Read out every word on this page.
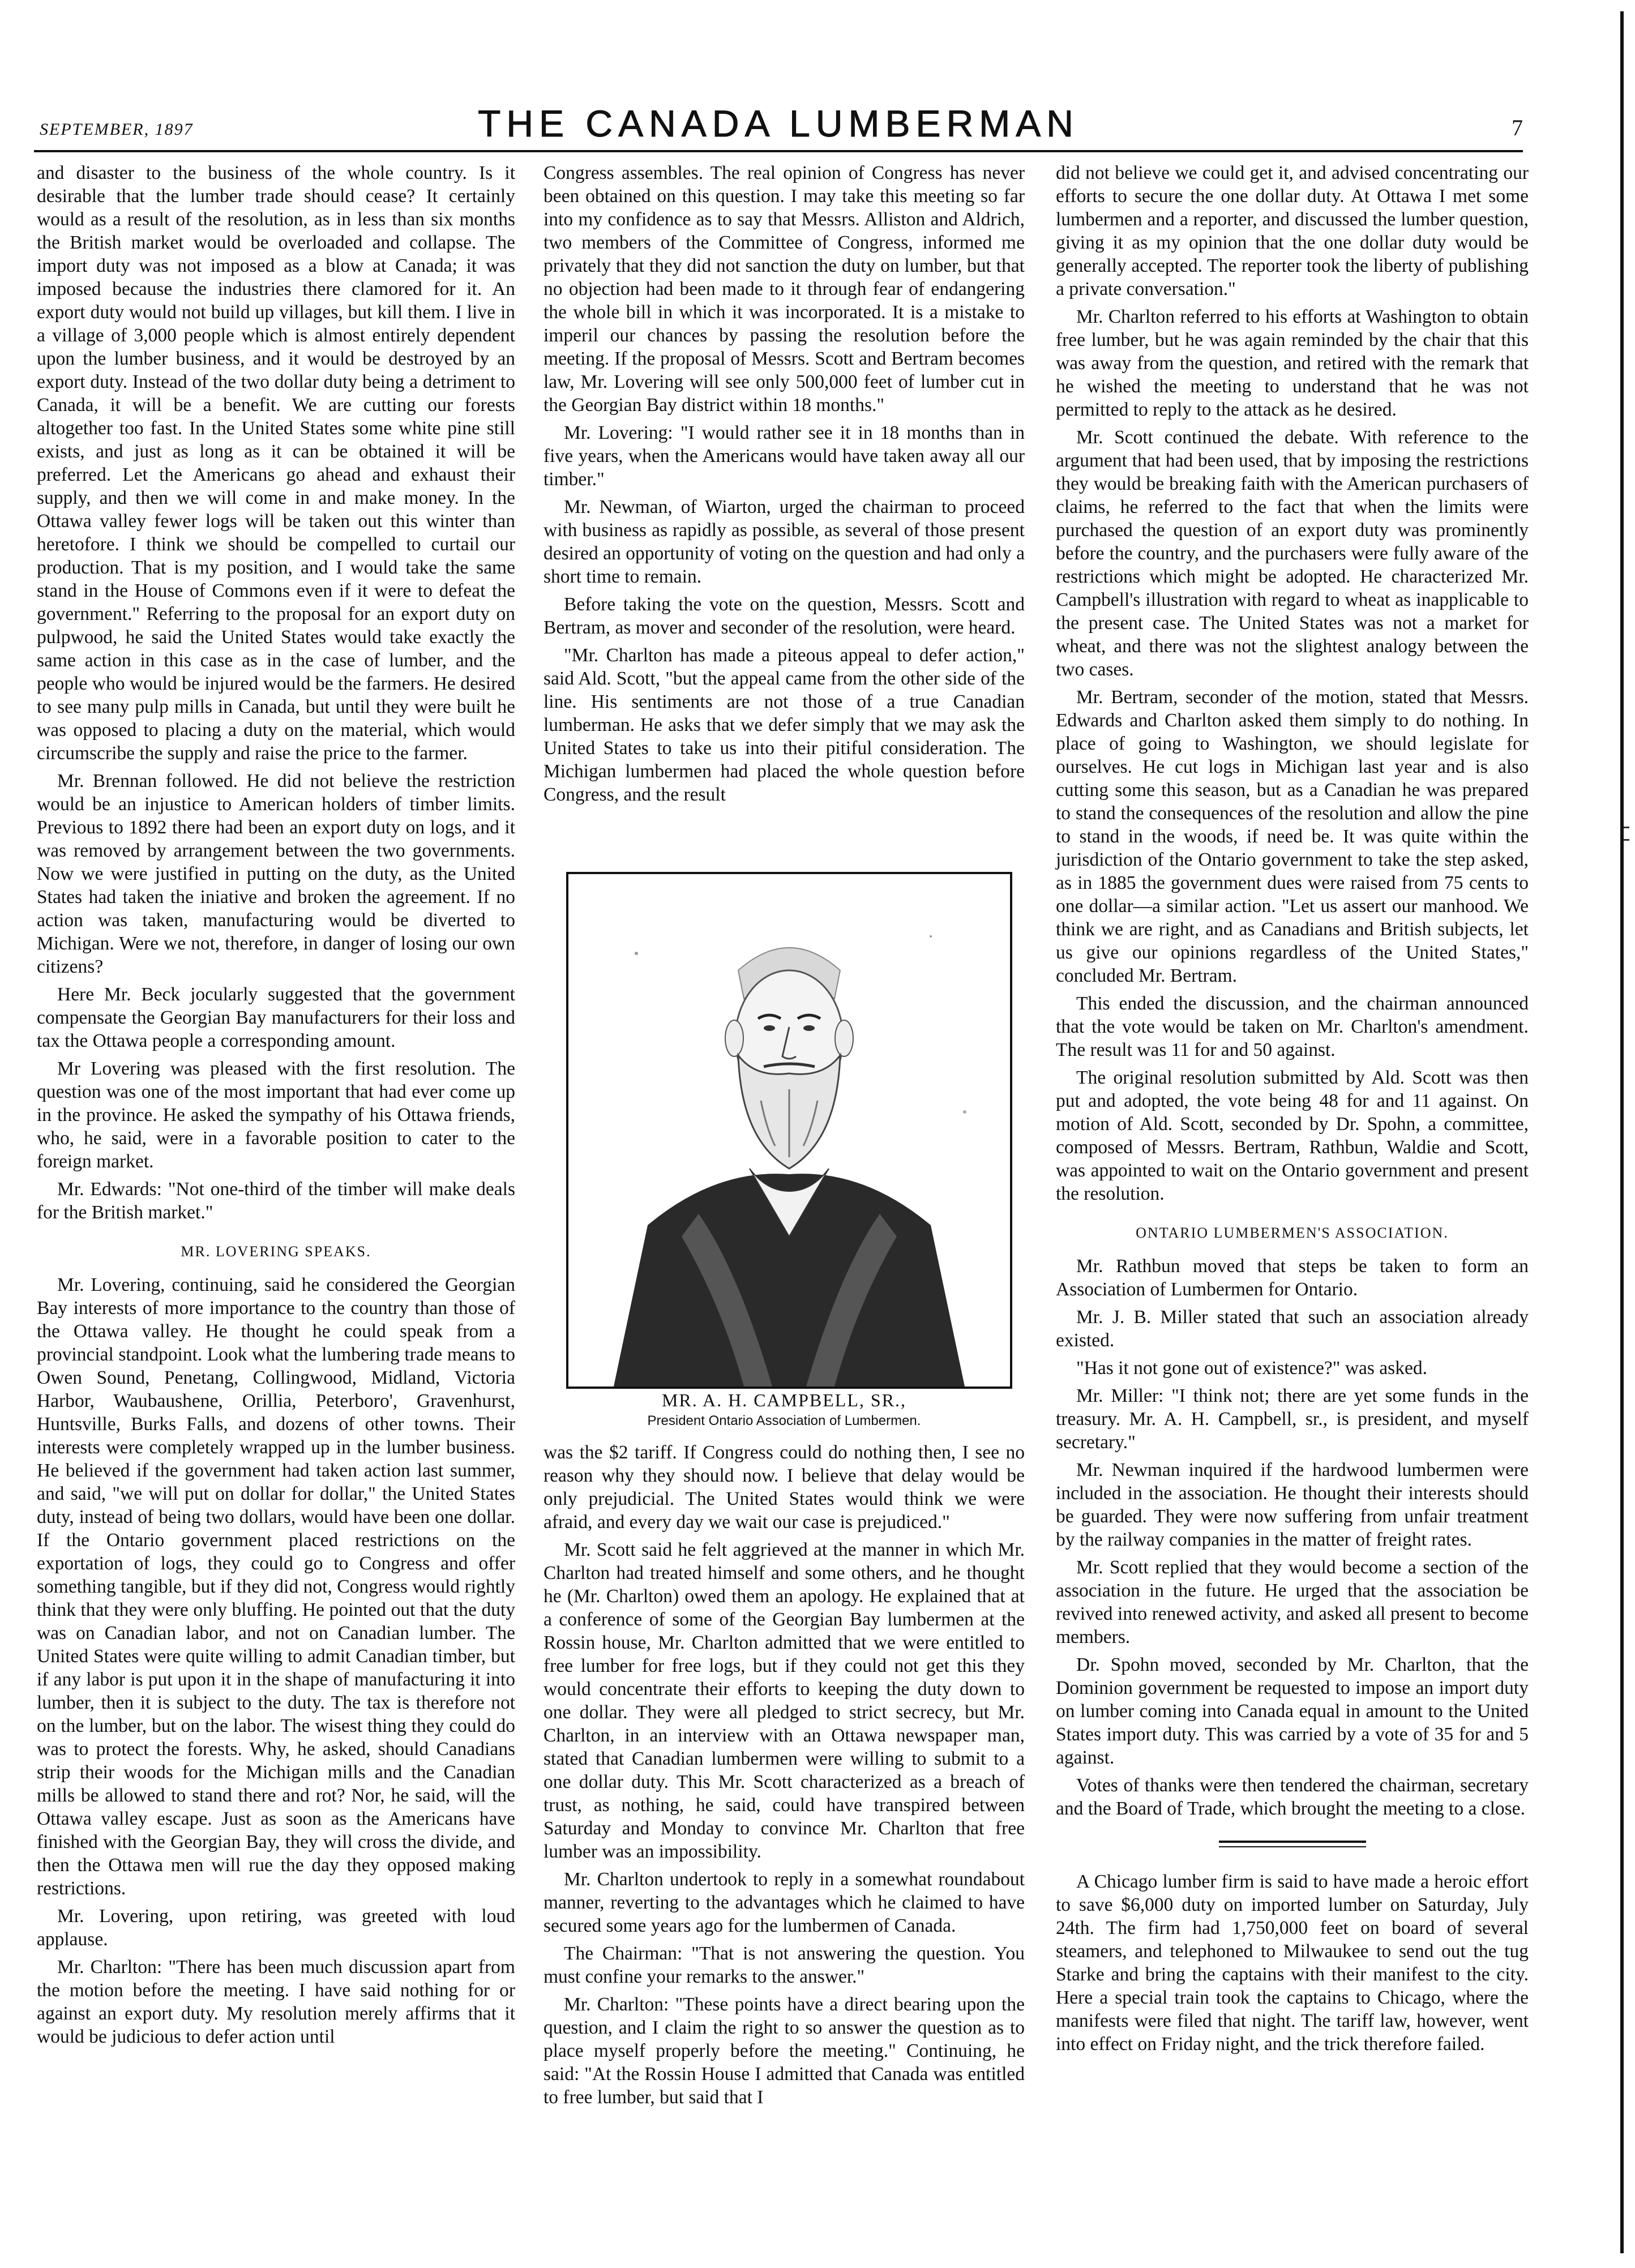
SEPTEMBER, 1897	THE CANADA LUMBERMAN	7

and disaster to the business of the whole country. Is it desirable that the lumber trade should cease? It certainly would as a result of the resolution, as in less than six months the British market would be overloaded and collapse. The import duty was not imposed as a blow at Canada; it was imposed because the industries there clamored for it. An export duty would not build up villages, but kill them. I live in a village of 3,000 people which is almost entirely dependent upon the lumber business, and it would be destroyed by an export duty. Instead of the two dollar duty being a detriment to Canada, it will be a benefit. We are cutting our forests altogether too fast. In the United States some white pine still exists, and just as long as it can be obtained it will be preferred. Let the Americans go ahead and exhaust their supply, and then we will come in and make money. In the Ottawa valley fewer logs will be taken out this winter than heretofore. I think we should be compelled to curtail our production. That is my position, and I would take the same stand in the House of Commons even if it were to defeat the government." Referring to the proposal for an export duty on pulpwood, he said the United States would take exactly the same action in this case as in the case of lumber, and the people who would be injured would be the farmers. He desired to see many pulp mills in Canada, but until they were built he was opposed to placing a duty on the material, which would circumscribe the supply and raise the price to the farmer.

Mr. Brennan followed. He did not believe the restriction would be an injustice to American holders of timber limits. Previous to 1892 there had been an export duty on logs, and it was removed by arrangement between the two governments. Now we were justified in putting on the duty, as the United States had taken the iniative and broken the agreement. If no action was taken, manufacturing would be diverted to Michigan. Were we not, therefore, in danger of losing our own citizens?

Here Mr. Beck jocularly suggested that the government compensate the Georgian Bay manufacturers for their loss and tax the Ottawa people a corresponding amount.

Mr Lovering was pleased with the first resolution. The question was one of the most important that had ever come up in the province. He asked the sympathy of his Ottawa friends, who, he said, were in a favorable position to cater to the foreign market.

Mr. Edwards: "Not one-third of the timber will make deals for the British market."

MR. LOVERING SPEAKS.

Mr. Lovering, continuing, said he considered the Georgian Bay interests of more importance to the country than those of the Ottawa valley. He thought he could speak from a provincial standpoint. Look what the lumbering trade means to Owen Sound, Penetang, Collingwood, Midland, Victoria Harbor, Waubaushene, Orillia, Peterboro', Gravenhurst, Huntsville, Burks Falls, and dozens of other towns. Their interests were completely wrapped up in the lumber business. He believed if the government had taken action last summer, and said, "we will put on dollar for dollar," the United States duty, instead of being two dollars, would have been one dollar. If the Ontario government placed restrictions on the exportation of logs, they could go to Congress and offer something tangible, but if they did not, Congress would rightly think that they were only bluffing. He pointed out that the duty was on Canadian labor, and not on Canadian lumber. The United States were quite willing to admit Canadian timber, but if any labor is put upon it in the shape of manufacturing it into lumber, then it is subject to the duty. The tax is therefore not on the lumber, but on the labor. The wisest thing they could do was to protect the forests. Why, he asked, should Canadians strip their woods for the Michigan mills and the Canadian mills be allowed to stand there and rot? Nor, he said, will the Ottawa valley escape. Just as soon as the Americans have finished with the Georgian Bay, they will cross the divide, and then the Ottawa men will rue the day they opposed making restrictions.

Mr. Lovering, upon retiring, was greeted with loud applause.

Mr. Charlton: "There has been much discussion apart from the motion before the meeting. I have said nothing for or against an export duty. My resolution merely affirms that it would be judicious to defer action until

Congress assembles. The real opinion of Congress has never been obtained on this question. I may take this meeting so far into my confidence as to say that Messrs. Alliston and Aldrich, two members of the Committee of Congress, informed me privately that they did not sanction the duty on lumber, but that no objection had been made to it through fear of endangering the whole bill in which it was incorporated. It is a mistake to imperil our chances by passing the resolution before the meeting. If the proposal of Messrs. Scott and Bertram becomes law, Mr. Lovering will see only 500,000 feet of lumber cut in the Georgian Bay district within 18 months."

Mr. Lovering: "I would rather see it in 18 months than in five years, when the Americans would have taken away all our timber."

Mr. Newman, of Wiarton, urged the chairman to proceed with business as rapidly as possible, as several of those present desired an opportunity of voting on the question and had only a short time to remain.

Before taking the vote on the question, Messrs. Scott and Bertram, as mover and seconder of the resolution, were heard.

"Mr. Charlton has made a piteous appeal to defer action," said Ald. Scott, "but the appeal came from the other side of the line. His sentiments are not those of a true Canadian lumberman. He asks that we defer simply that we may ask the United States to take us into their pitiful consideration. The Michigan lumbermen had placed the whole question before Congress, and the result

MR. A. H. CAMPBELL, SR.,
President Ontario Association of Lumbermen.

was the $2 tariff. If Congress could do nothing then, I see no reason why they should now. I believe that delay would be only prejudicial. The United States would think we were afraid, and every day we wait our case is prejudiced."

Mr. Scott said he felt aggrieved at the manner in which Mr. Charlton had treated himself and some others, and he thought he (Mr. Charlton) owed them an apology. He explained that at a conference of some of the Georgian Bay lumbermen at the Rossin house, Mr. Charlton admitted that we were entitled to free lumber for free logs, but if they could not get this they would concentrate their efforts to keeping the duty down to one dollar. They were all pledged to strict secrecy, but Mr. Charlton, in an interview with an Ottawa newspaper man, stated that Canadian lumbermen were willing to submit to a one dollar duty. This Mr. Scott characterized as a breach of trust, as nothing, he said, could have transpired between Saturday and Monday to convince Mr. Charlton that free lumber was an impossibility.

Mr. Charlton undertook to reply in a somewhat roundabout manner, reverting to the advantages which he claimed to have secured some years ago for the lumbermen of Canada.

The Chairman: "That is not answering the question. You must confine your remarks to the answer."

Mr. Charlton: "These points have a direct bearing upon the question, and I claim the right to so answer the question as to place myself properly before the meeting." Continuing, he said: "At the Rossin House I admitted that Canada was entitled to free lumber, but said that I

did not believe we could get it, and advised concentrating our efforts to secure the one dollar duty. At Ottawa I met some lumbermen and a reporter, and discussed the lumber question, giving it as my opinion that the one dollar duty would be generally accepted. The reporter took the liberty of publishing a private conversation."

Mr. Charlton referred to his efforts at Washington to obtain free lumber, but he was again reminded by the chair that this was away from the question, and retired with the remark that he wished the meeting to understand that he was not permitted to reply to the attack as he desired.

Mr. Scott continued the debate. With reference to the argument that had been used, that by imposing the restrictions they would be breaking faith with the American purchasers of claims, he referred to the fact that when the limits were purchased the question of an export duty was prominently before the country, and the purchasers were fully aware of the restrictions which might be adopted. He characterized Mr. Campbell's illustration with regard to wheat as inapplicable to the present case. The United States was not a market for wheat, and there was not the slightest analogy between the two cases.

Mr. Bertram, seconder of the motion, stated that Messrs. Edwards and Charlton asked them simply to do nothing. In place of going to Washington, we should legislate for ourselves. He cut logs in Michigan last year and is also cutting some this season, but as a Canadian he was prepared to stand the consequences of the resolution and allow the pine to stand in the woods, if need be. It was quite within the jurisdiction of the Ontario government to take the step asked, as in 1885 the government dues were raised from 75 cents to one dollar—a similar action. "Let us assert our manhood. We think we are right, and as Canadians and British subjects, let us give our opinions regardless of the United States," concluded Mr. Bertram.

This ended the discussion, and the chairman announced that the vote would be taken on Mr. Charlton's amendment. The result was 11 for and 50 against.

The original resolution submitted by Ald. Scott was then put and adopted, the vote being 48 for and 11 against. On motion of Ald. Scott, seconded by Dr. Spohn, a committee, composed of Messrs. Bertram, Rathbun, Waldie and Scott, was appointed to wait on the Ontario government and present the resolution.

ONTARIO LUMBERMEN'S ASSOCIATION.

Mr. Rathbun moved that steps be taken to form an Association of Lumbermen for Ontario.

Mr. J. B. Miller stated that such an association already existed.

"Has it not gone out of existence?" was asked.

Mr. Miller: "I think not; there are yet some funds in the treasury. Mr. A. H. Campbell, sr., is president, and myself secretary."

Mr. Newman inquired if the hardwood lumbermen were included in the association. He thought their interests should be guarded. They were now suffering from unfair treatment by the railway companies in the matter of freight rates.

Mr. Scott replied that they would become a section of the association in the future. He urged that the association be revived into renewed activity, and asked all present to become members.

Dr. Spohn moved, seconded by Mr. Charlton, that the Dominion government be requested to impose an import duty on lumber coming into Canada equal in amount to the United States import duty. This was carried by a vote of 35 for and 5 against.

Votes of thanks were then tendered the chairman, secretary and the Board of Trade, which brought the meeting to a close.

A Chicago lumber firm is said to have made a heroic effort to save $6,000 duty on imported lumber on Saturday, July 24th. The firm had 1,750,000 feet on board of several steamers, and telephoned to Milwaukee to send out the tug Starke and bring the captains with their manifest to the city. Here a special train took the captains to Chicago, where the manifests were filed that night. The tariff law, however, went into effect on Friday night, and the trick therefore failed.
